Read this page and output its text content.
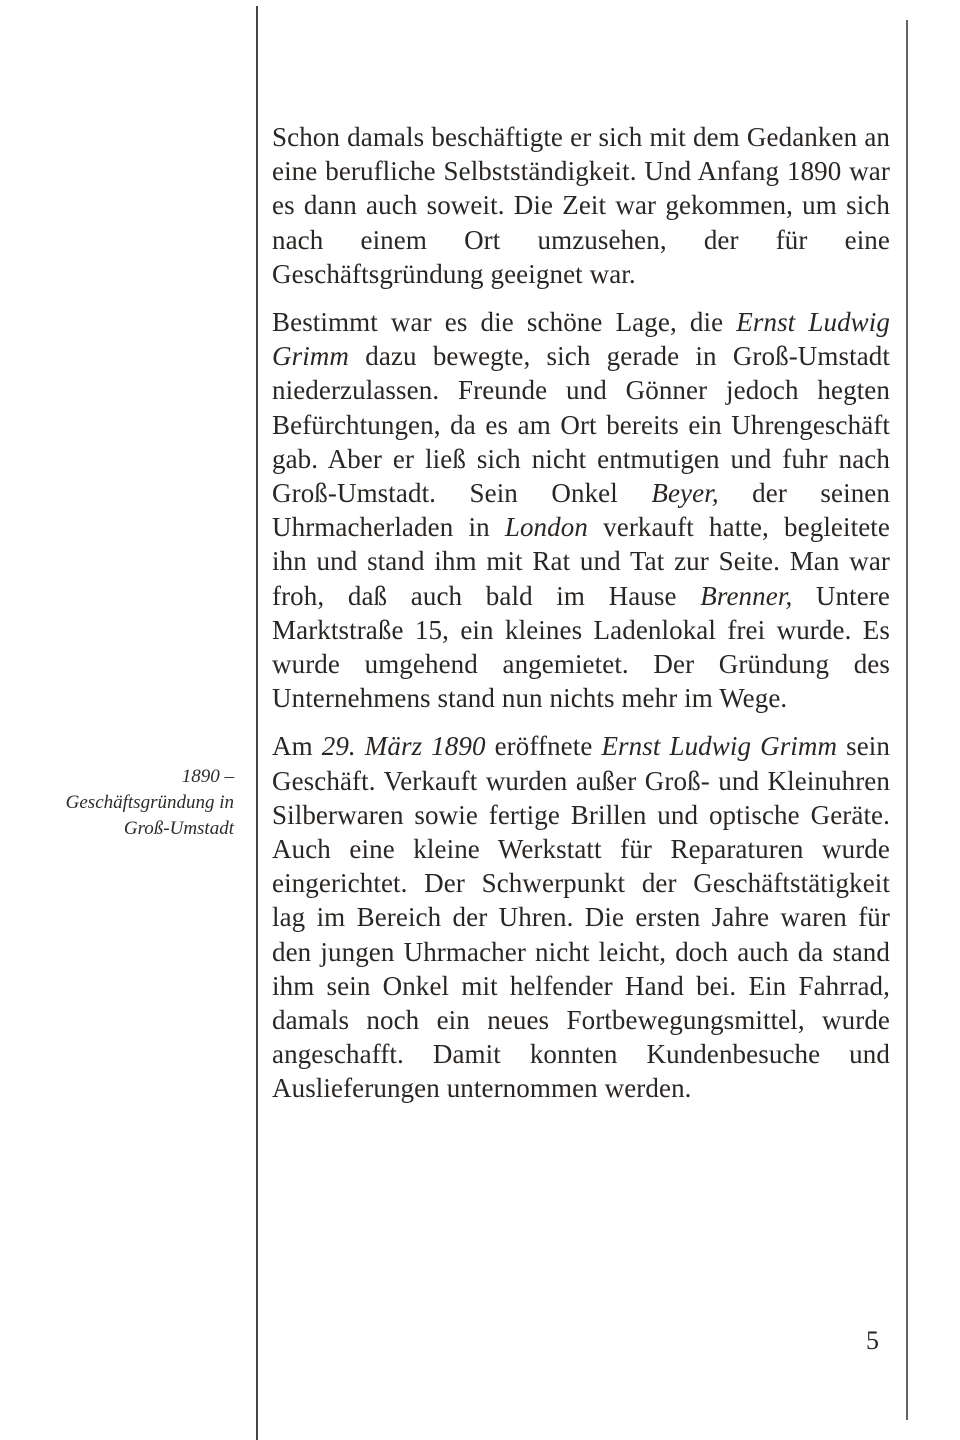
1890 –
Geschäftsgründung in
Groß-Umstadt

Schon damals beschäftigte er sich mit dem Gedanken an eine berufliche Selbstständigkeit. Und Anfang 1890 war es dann auch soweit. Die Zeit war gekommen, um sich nach einem Ort umzusehen, der für eine Geschäftsgründung geeignet war.

Bestimmt war es die schöne Lage, die Ernst Ludwig Grimm dazu bewegte, sich gerade in Groß-Umstadt niederzulassen. Freunde und Gönner jedoch hegten Befürchtungen, da es am Ort bereits ein Uhrengeschäft gab. Aber er ließ sich nicht entmutigen und fuhr nach Groß-Umstadt. Sein Onkel Beyer, der seinen Uhrmacherladen in London verkauft hatte, begleitete ihn und stand ihm mit Rat und Tat zur Seite. Man war froh, daß auch bald im Hause Brenner, Untere Marktstraße 15, ein kleines Ladenlokal frei wurde. Es wurde umgehend angemietet. Der Gründung des Unternehmens stand nun nichts mehr im Wege.

Am 29. März 1890 eröffnete Ernst Ludwig Grimm sein Geschäft. Verkauft wurden außer Groß- und Kleinuhren Silberwaren sowie fertige Brillen und optische Geräte. Auch eine kleine Werkstatt für Reparaturen wurde eingerichtet. Der Schwerpunkt der Geschäftstätigkeit lag im Bereich der Uhren. Die ersten Jahre waren für den jungen Uhrmacher nicht leicht, doch auch da stand ihm sein Onkel mit helfender Hand bei. Ein Fahrrad, damals noch ein neues Fortbewegungsmittel, wurde angeschafft. Damit konnten Kundenbesuche und Auslieferungen unternommen werden.

5
